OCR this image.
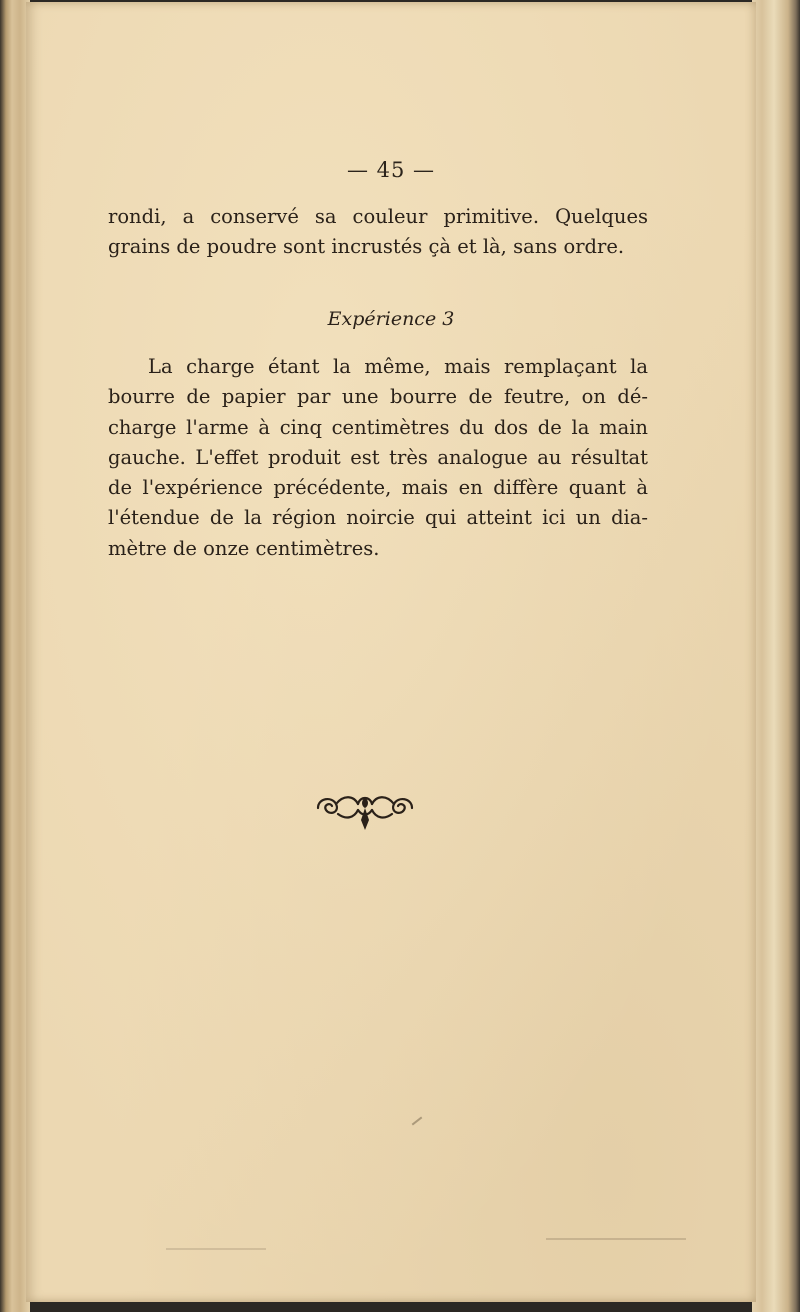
— 45 —
rondi, a conservé sa couleur primitive. Quelques
grains de poudre sont incrustés çà et là, sans ordre.
Expérience 3
La charge étant la même, mais remplaçant la
bourre de papier par une bourre de feutre, on dé-
charge l'arme à cinq centimètres du dos de la main
gauche. L'effet produit est très analogue au résultat
de l'expérience précédente, mais en diffère quant à
l'étendue de la région noircie qui atteint ici un dia-
mètre de onze centimètres.
